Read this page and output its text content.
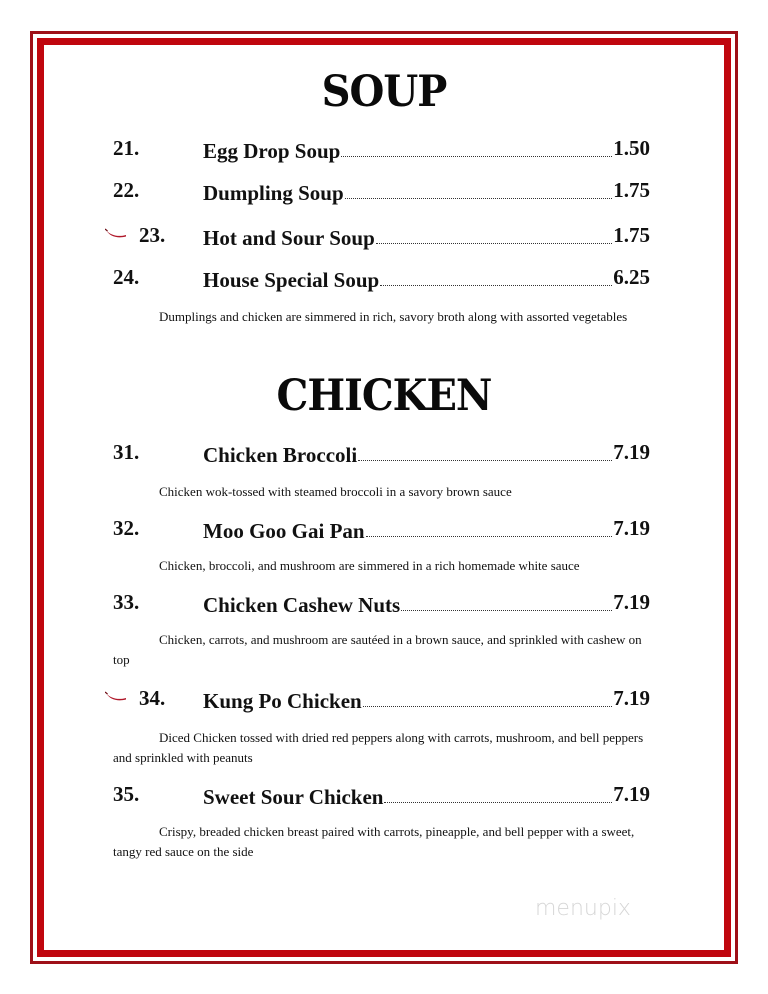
SOUP
21.	Egg Drop Soup	1.50
22.	Dumpling Soup	1.75
23. Hot and Sour Soup	1.75
24.	House Special Soup	6.25
Dumplings and chicken are simmered in rich, savory broth along with assorted vegetables
CHICKEN
31.	Chicken Broccoli	7.19
Chicken wok-tossed with steamed broccoli in a savory brown sauce
32.	Moo Goo Gai Pan	7.19
Chicken, broccoli, and mushroom are simmered in a rich homemade white sauce
33.	Chicken Cashew Nuts	7.19
Chicken, carrots, and mushroom are sautéed in a brown sauce, and sprinkled with cashew on top
34. Kung Po Chicken	7.19
Diced Chicken tossed with dried red peppers along with carrots, mushroom, and bell peppers and sprinkled with peanuts
35.	Sweet Sour Chicken	7.19
Crispy, breaded chicken breast paired with carrots, pineapple, and bell pepper with a sweet, tangy red sauce on the side
menupix
